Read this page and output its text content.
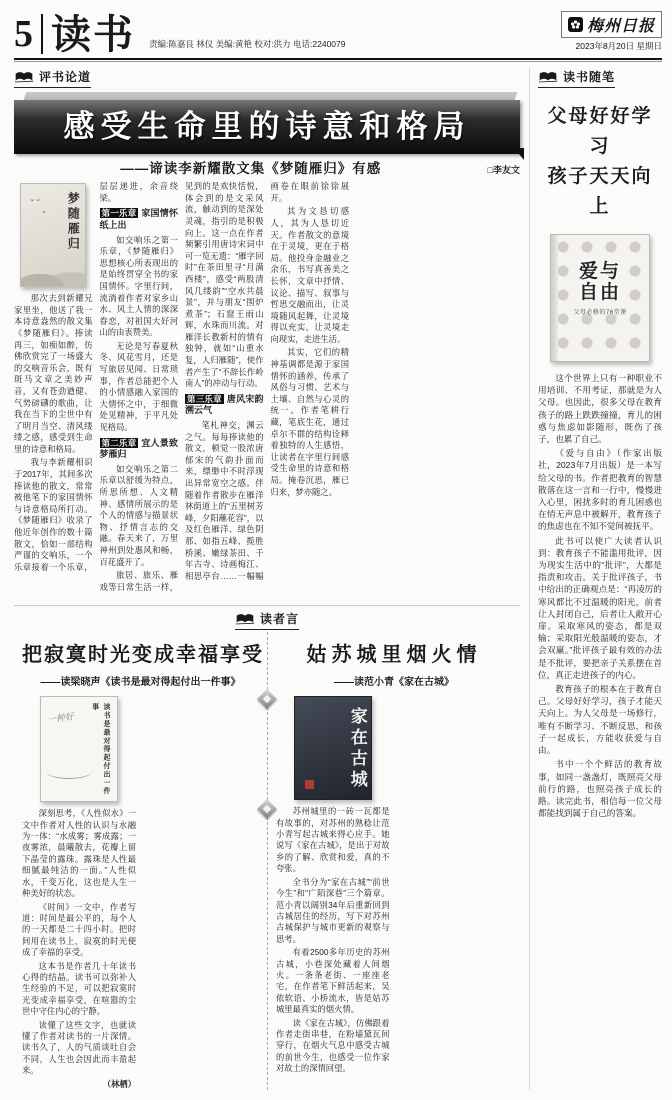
5 读书 责编:陈嘉良 林仪 美编:黄艳 校对:洪力 电话:2240079
梅州日报
2023年8月20日 星期日
评书论道
感受生命里的诗意和格局
——谛读李新耀散文集《梦随雁归》有感	□李友文
⌄⌄
⌄ 梦随雁归

那次去到新耀兄家里坐，他送了我一本诗意盎然的散文集《梦随雁归》。捧读再三，如痴如醉，仿佛欣赏完了一场盛大的交响音乐会，既有斑马文章之美妙声音，又有苍劲遒健、气势磅礴的歌曲，让我在当下的尘世中有了明月当空、清风缕缕之感，感受到生命里的诗意和格局。

我与李新耀相识于2017年，其间多次捧读他的散文，常常被他笔下的家国情怀与诗意格局所打动。《梦随雁归》收录了他近年创作的数十篇散文，恰如一部结构严谨的交响乐，一个乐章接着一个乐章，层层递进，余音绕梁。

第一乐章 家国情怀纸上出

如交响乐之第一乐章，《梦随雁归》思想核心所表现出的是始终贯穿全书的家国情怀。字里行间，流淌着作者对家乡山水、风土人情的深深眷恋，对祖国大好河山的由衷赞美。

无论是写春夏秋冬、风花雪月，还是写旅居见闻、日常琐事，作者总能把个人的小情感融入家国的大情怀之中，于细微处见精神，于平凡处见格局。

第二乐章 宜人景致梦雁归

如交响乐之第二乐章以舒缓为特点，所思所想、人文精神、感情所展示的是个人的情感与描景状物、抒情言志的交融。春天来了，万里神州到处惠风和畅，百花盛开了。

旅居、旅乐、雁戏等日常生活一样，见到的是欢快恬悦，体会到的是文采风流，触动到的是深处灵魂，指引的是积极向上。这一点在作者频繁引用唐诗宋词中可一览无遗：“雁字回时”在茶田里寻“月满西楼”，感受“两股清风几缕韵”“空水共晨景”，并与朋友“围炉煮茶”；石窟王雨山辉，水珠而川流。对雁洋长教新村的情有独钟，就如“山重水复，人归雁随”，使作者产生了“不辞长作岭南人”的冲动与行动。

第三乐章 唐风宋韵溯云气

笔札神交，渊云之气。每每捧读他的散文，顿觉一股浓唐郁宋的气韵扑面而来，缥缈中不时浮现出异常宽空之感。伴随着作者散步在雁洋林荫道上的“五里树芳峰，夕阳蘸花容”，以及红色雁洋、绿色阴那、如指五峰、揽胜桥溪、嫩绿茶田、千年古寺、诗画梅江、相思亭台……一幅幅画卷在眼前徐徐展开。

其为文恳切感人，其为人恳切近天。作者散文的意境在于灵境，更在于格局。他投身金融业之余乐，书写真善美之长怀，文章中抒情、议论、描写、叙事与哲思交融而出，让灵境随风起舞，让灵境得以充实，让灵境走向现实，走进生活。

其实，它们的精神基调都是源于家国情怀的涵养，传承了风俗与习惯、艺术与土壤、自然与心灵的统一。作者笔耕行藏，笔底生花，通过卓尔不群的结构诠释着独特的人生感悟，让读者在字里行间感受生命里的诗意和格局。掩卷沉思，雁已归来，梦亦随之。

读者言
把寂寞时光变成幸福享受
——读梁晓声《读书是最对得起付出一件事》
一种好	读书是最对得起付出一件事

深刻思考，《人性似水》一文中作者对人性的认识与水融为一体：“水成雾；雾成露；一夜雾浓，晨曦散去，花瓣上留下晶莹的露珠。露珠是人性最细腻最纯洁的一面。”人性似水，千变万化，这也是人生一种美好的状态。

《时间》一文中，作者写道：时间是最公平的，每个人的一天都是二十四小时。把时间用在读书上，寂寞的时光便成了幸福的享受。

这本书是作者几十年读书心得的结晶。读书可以弥补人生经验的不足，可以把寂寞时光变成幸福享受，在喧嚣的尘世中守住内心的宁静。

读懂了这些文字，也就读懂了作者对读书的一片深情。读书久了，人的气质谈吐自会不同，人生也会因此而丰盈起来。

（林栖）
姑苏城里烟火情
——读范小青《家在古城》
家在古城

苏州城里的一砖一瓦都是有故事的，对苏州的熟稔让范小青写起古城来得心应手。她说写《家在古城》，是出于对故乡的了解、欣赏和爱，真的不夸张。

全书分为“家在古城”“前世今生”和“广陌深巷”三个篇章。范小青以阔别34年后重新回到古城居住的经历，写下对苏州古城保护与城市更新的观察与思考。

有着2500多年历史的苏州古城，小巷深处藏着人间烟火。一条条老街、一座座老宅，在作者笔下鲜活起来，吴侬软语、小桥流水，皆是姑苏城里最真实的烟火情。

读《家在古城》，仿佛跟着作者走街串巷，在粉墙黛瓦间穿行，在烟火气息中感受古城的前世今生，也感受一位作家对故土的深情回望。

读书随笔
父母好好学习
孩子天天向上
爱与
自由
父母必修的76堂课

这个世界上只有一种职业不用培训、不用考证，那就是为人父母。也因此，很多父母在教育孩子的路上跌跌撞撞，育儿的困惑与焦虑如影随形，既伤了孩子，也累了自己。

《爱与自由》（作家出版社，2023年7月出版）是一本写给父母的书。作者把教育的智慧散落在这一言和一行中，慢慢进入心里，困扰多时的育儿困惑也在悄无声息中被解开，教育孩子的焦虑也在不知不觉间被抚平。

此书可以使广大读者认识到：教育孩子不能滥用批评，因为现实生活中的“批评”，大都是指责和攻击。关于批评孩子，书中给出的正确观点是：“再凌厉的寒风都比不过温暖的阳光，前者让人封闭自己，后者让人敞开心扉。采取寒风的姿态，都是双输；采取阳光般温暖的姿态，才会双赢。”批评孩子最有效的办法是不批评，要把亲子关系摆在首位，真正走进孩子的内心。

教育孩子的根本在于教育自己。父母好好学习，孩子才能天天向上。为人父母是一场修行，唯有不断学习、不断反思，和孩子一起成长，方能收获爱与自由。

书中一个个鲜活的教育故事，如同一盏盏灯，既照亮父母前行的路，也照亮孩子成长的路。读完此书，相信每一位父母都能找到属于自己的答案。
